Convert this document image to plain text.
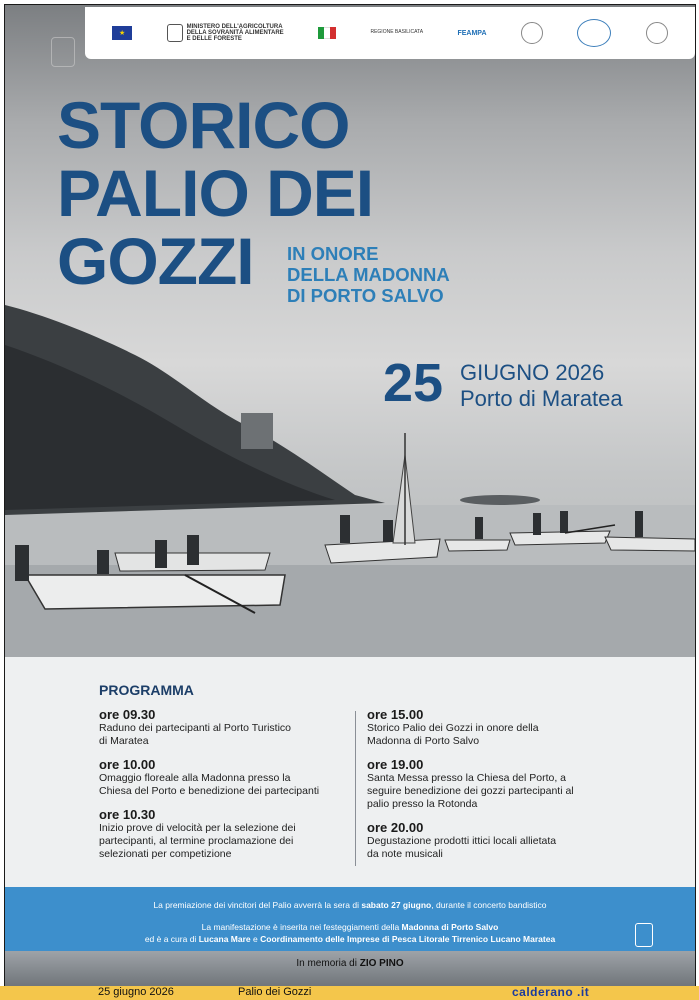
★
MINISTERO DELL'AGRICOLTURA
DELLA SOVRANITÀ ALIMENTARE
E DELLE FORESTE
REGIONE BASILICATA	FEAMPA
STORICO
PALIO DEI
GOZZI	IN ONORE
DELLA MADONNA
DI PORTO SALVO
25 GIUGNO 2026
Porto di Maratea
PROGRAMMA
ore 09.30
Raduno dei partecipanti al Porto Turistico
di Maratea
ore 10.00
Omaggio floreale alla Madonna presso la
Chiesa del Porto e benedizione dei partecipanti
ore 10.30
Inizio prove di velocità per la selezione dei
partecipanti, al termine proclamazione dei
selezionati per competizione
ore 15.00
Storico Palio dei Gozzi in onore della
Madonna di Porto Salvo
ore 19.00
Santa Messa presso la Chiesa del Porto, a
seguire benedizione dei gozzi partecipanti al
palio presso la Rotonda
ore 20.00
Degustazione prodotti ittici locali allietata
da note musicali
La premiazione dei vincitori del Palio avverrà la sera di sabato 27 giugno, durante il concerto bandistico
La manifestazione è inserita nei festeggiamenti della Madonna di Porto Salvo
ed è a cura di Lucana Mare e Coordinamento delle Imprese di Pesca Litorale Tirrenico Lucano Maratea
In memoria di ZIO PINO
25 giugno 2026	Palio dei Gozzi	calderano .it
